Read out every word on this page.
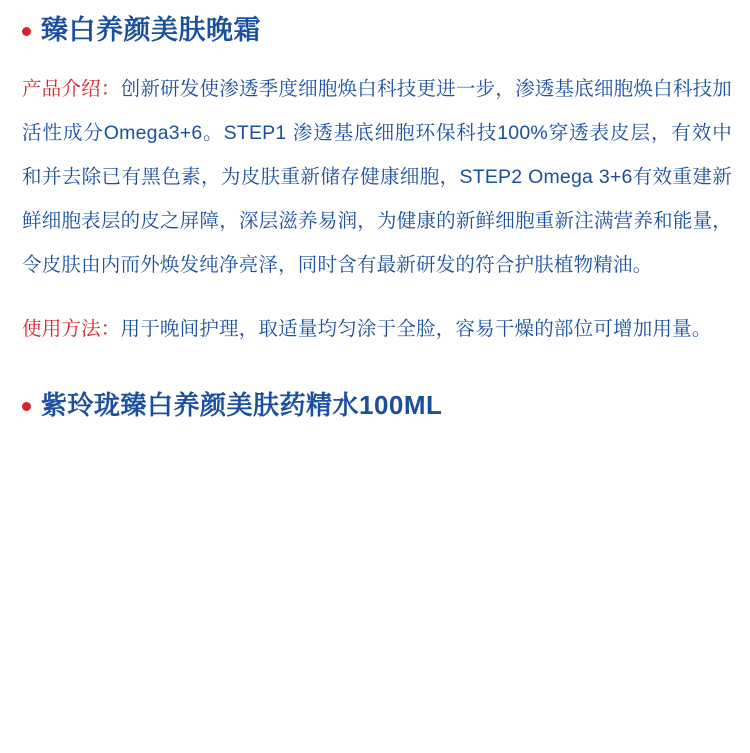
臻白养颜美肤晚霜

产品介绍：创新研发使渗透季度细胞焕白科技更进一步，渗透基底细胞焕白科技加活性成分Omega3+6。STEP1 渗透基底细胞环保科技100%穿透表皮层，有效中和并去除已有黑色素，为皮肤重新储存健康细胞，STEP2 Omega 3+6有效重建新鲜细胞表层的皮之屏障，深层滋养易润，为健康的新鲜细胞重新注满营养和能量，令皮肤由内而外焕发纯净亮泽，同时含有最新研发的符合护肤植物精油。

使用方法：用于晚间护理，取适量均匀涂于全脸，容易干燥的部位可增加用量。

紫玲珑臻白养颜美肤药精水100ML
